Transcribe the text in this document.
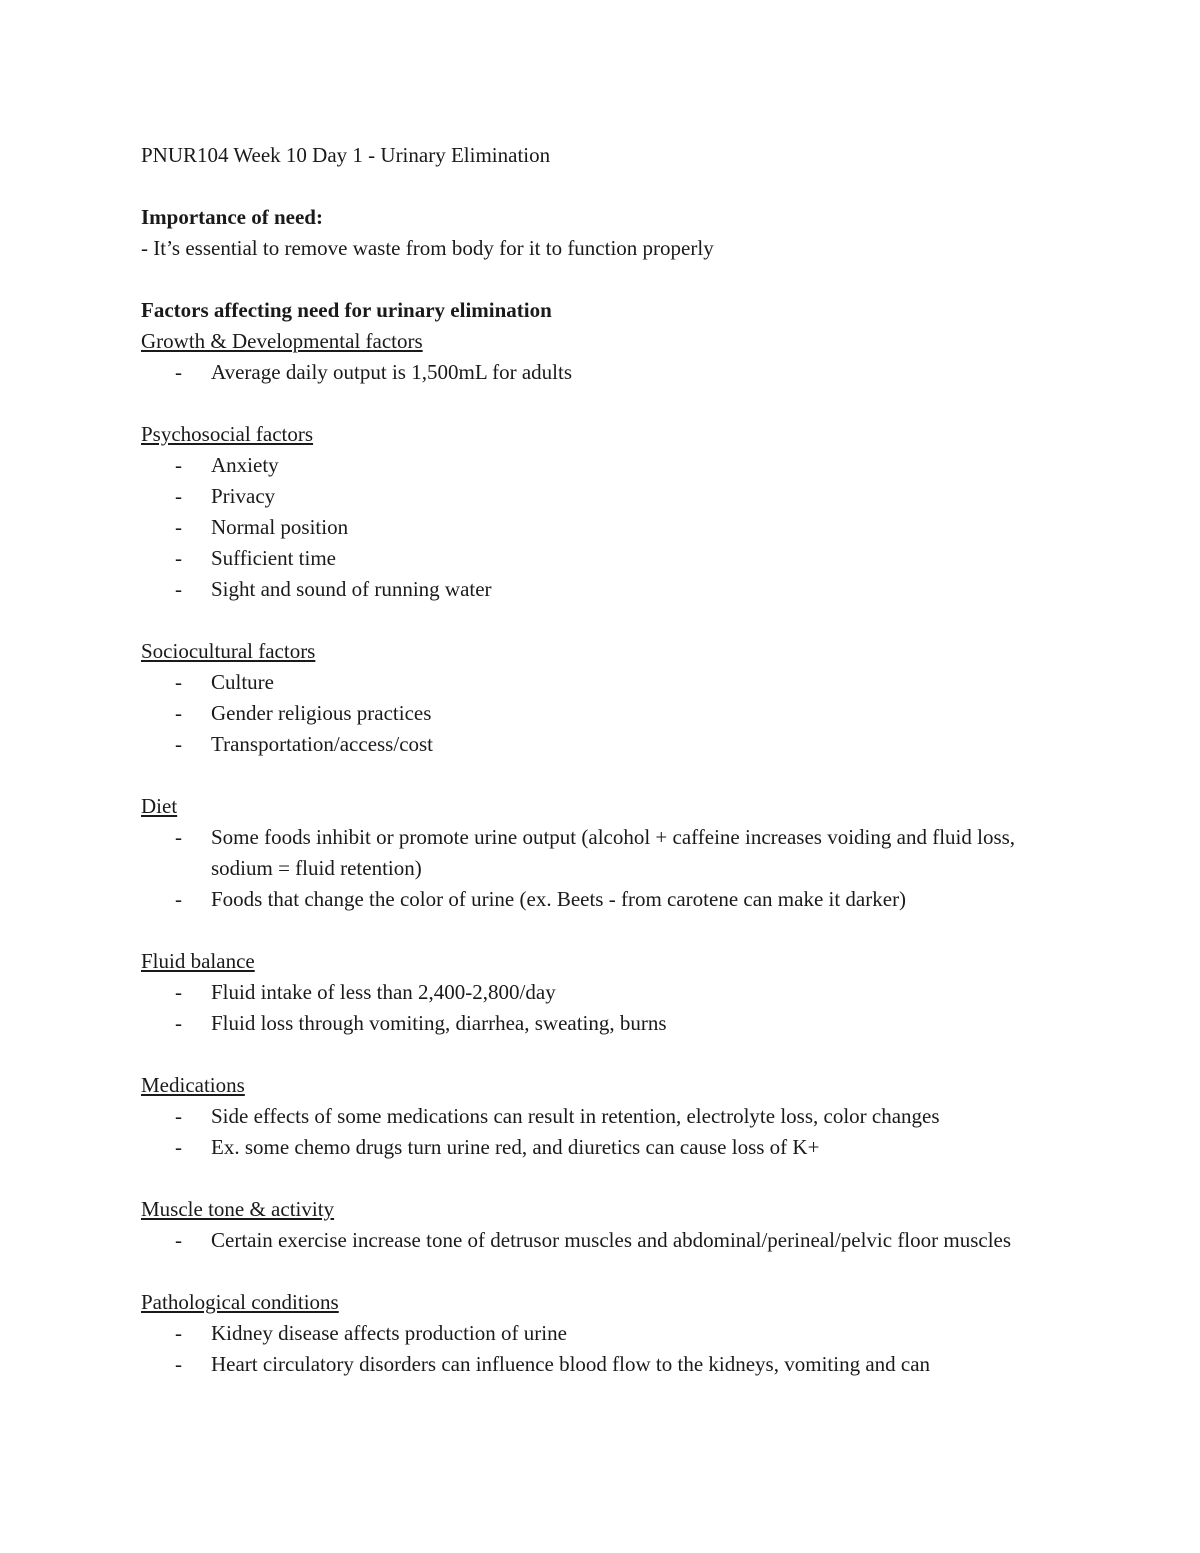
PNUR104 Week 10 Day 1 - Urinary Elimination

Importance of need:

- It’s essential to remove waste from body for it to function properly

Factors affecting need for urinary elimination

Growth & Developmental factors

- Average daily output is 1,500mL for adults

Psychosocial factors

- Anxiety
- Privacy
- Normal position
- Sufficient time
- Sight and sound of running water

Sociocultural factors

- Culture
- Gender religious practices
- Transportation/access/cost

Diet

- Some foods inhibit or promote urine output (alcohol + caffeine increases voiding and fluid loss, sodium = fluid retention)
- Foods that change the color of urine (ex. Beets - from carotene can make it darker)

Fluid balance

- Fluid intake of less than 2,400-2,800/day
- Fluid loss through vomiting, diarrhea, sweating, burns

Medications

- Side effects of some medications can result in retention, electrolyte loss, color changes
- Ex. some chemo drugs turn urine red, and diuretics can cause loss of K+

Muscle tone & activity

- Certain exercise increase tone of detrusor muscles and abdominal/perineal/pelvic floor muscles

Pathological conditions

- Kidney disease affects production of urine
- Heart circulatory disorders can influence blood flow to the kidneys, vomiting and can
